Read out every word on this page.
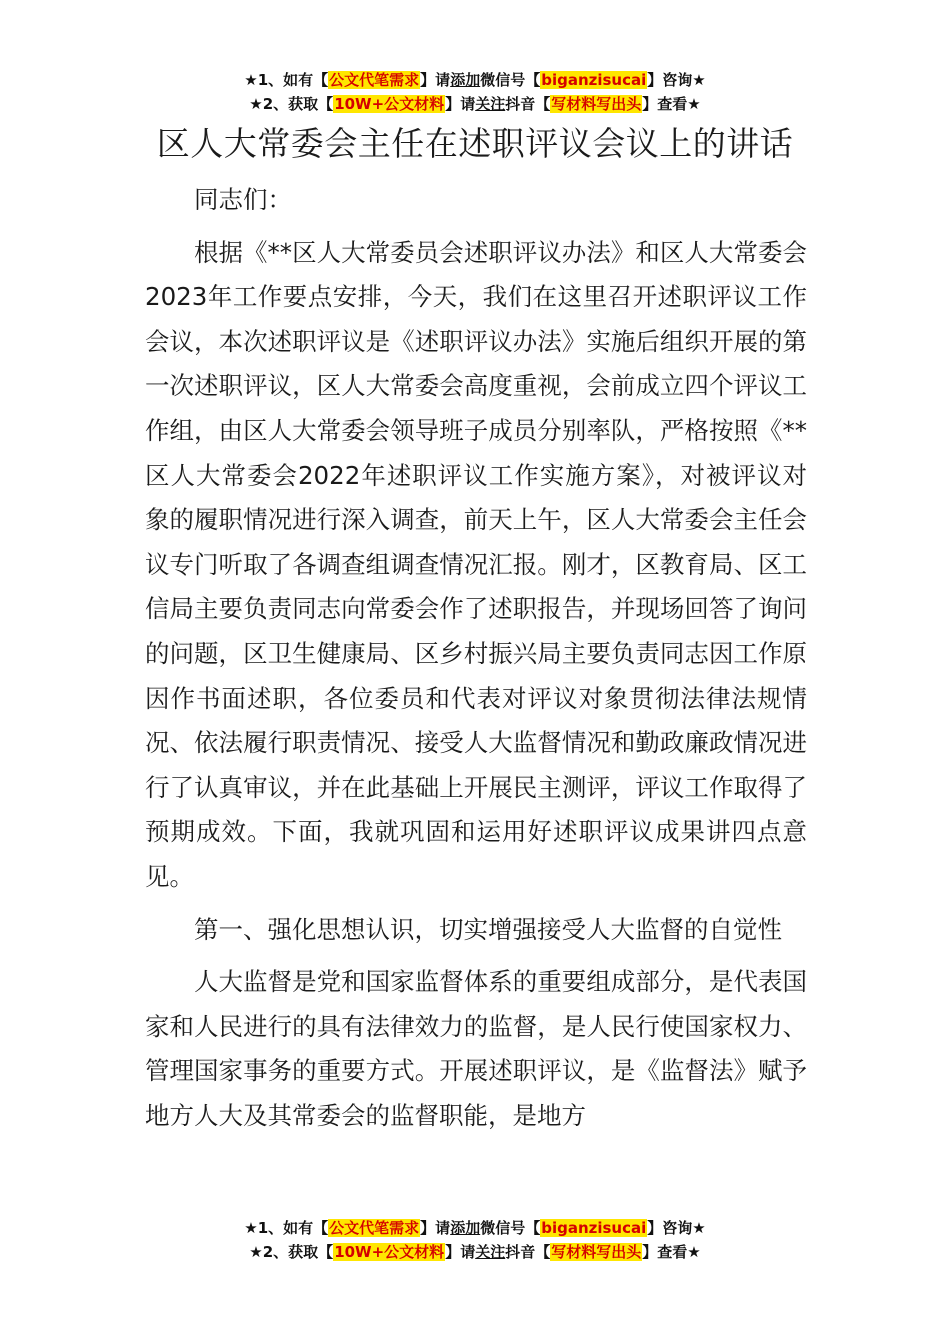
★1、如有【公文代笔需求】请添加微信号【biganzisucai】咨询★
★2、获取【10W+公文材料】请关注抖音【写材料写出头】查看★
区人大常委会主任在述职评议会议上的讲话

同志们：

根据《**区人大常委员会述职评议办法》和区人大常委会2023年工作要点安排，今天，我们在这里召开述职评议工作会议，本次述职评议是《述职评议办法》实施后组织开展的第一次述职评议，区人大常委会高度重视，会前成立四个评议工作组，由区人大常委会领导班子成员分别率队，严格按照《**区人大常委会2022年述职评议工作实施方案》，对被评议对象的履职情况进行深入调查，前天上午，区人大常委会主任会议专门听取了各调查组调查情况汇报。刚才，区教育局、区工信局主要负责同志向常委会作了述职报告，并现场回答了询问的问题，区卫生健康局、区乡村振兴局主要负责同志因工作原因作书面述职，各位委员和代表对评议对象贯彻法律法规情况、依法履行职责情况、接受人大监督情况和勤政廉政情况进行了认真审议，并在此基础上开展民主测评，评议工作取得了预期成效。下面，我就巩固和运用好述职评议成果讲四点意见。

第一、强化思想认识，切实增强接受人大监督的自觉性

人大监督是党和国家监督体系的重要组成部分，是代表国家和人民进行的具有法律效力的监督，是人民行使国家权力、管理国家事务的重要方式。开展述职评议，是《监督法》赋予地方人大及其常委会的监督职能，是地方

★1、如有【公文代笔需求】请添加微信号【biganzisucai】咨询★
★2、获取【10W+公文材料】请关注抖音【写材料写出头】查看★
